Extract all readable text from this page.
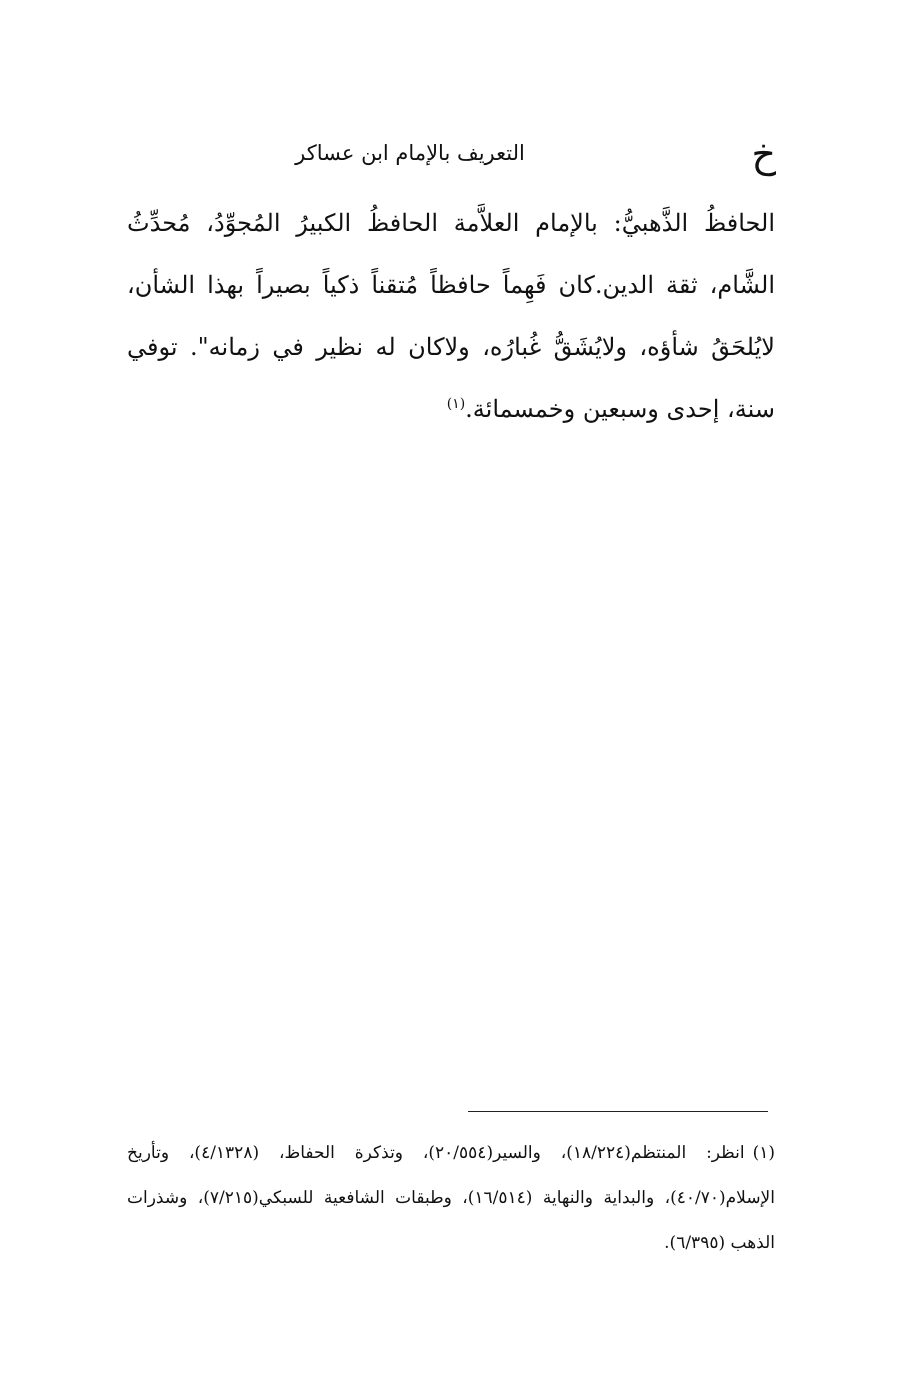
خ
التعريف بالإمام ابن عساكر

الحافظُ الذَّهبيُّ: بالإمام العلاَّمة الحافظُ الكبيرُ المُجوِّدُ، مُحدِّثُ الشَّام، ثقة الدين.كان فَهِماً حافظاً مُتقناً ذكياً بصيراً بهذا الشأن، لايُلحَقُ شأؤه، ولايُشَقُّ غُبارُه، ولاكان له نظير في زمانه". توفي سنة، إحدى وسبعين وخمسمائة.$^{(١)}$

(١)انظر: المنتظم(١٨/٢٢٤)، والسير(٢٠/٥٥٤)، وتذكرة الحفاظ، (٤/١٣٢٨)، وتأريخ الإسلام(٤٠/٧٠)، والبداية والنهاية (١٦/٥١٤)، وطبقات الشافعية للسبكي(٧/٢١٥)، وشذرات الذهب (٦/٣٩٥).
